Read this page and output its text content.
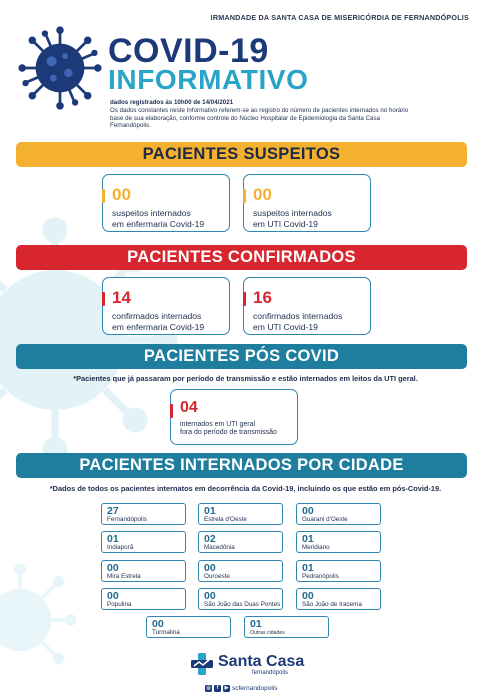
IRMANDADE DA SANTA CASA DE MISERICÓRDIA DE FERNANDÓPOLIS
COVID-19
INFORMATIVO
dados registrados às 10h00 de 14/04/2021
Os dados constantes neste Informativo referem-se ao registro do número de pacientes internados no horário base de sua elaboração, conforme controle do Núcleo Hospitalar de Epidemiologia da Santa Casa Fernandópolis.
PACIENTES SUSPEITOS
00
suspeitos internados
em enfermaria Covid-19
00
suspeitos internados
em UTI Covid-19
PACIENTES CONFIRMADOS
14
confirmados internados
em enfermaria Covid-19
16
confirmados internados
em UTI Covid-19
PACIENTES PÓS COVID
*Pacientes que já passaram por período de transmissão e estão internados em leitos da UTI geral.
04
internados em UTI geral
fora do período de transmissão
PACIENTES INTERNADOS POR CIDADE
*Dados de todos os pacientes internatos em decorrência da Covid-19, incluindo os que estão em pós-Covid-19.
27
Fernandópolis
01
Estrela d'Oeste
00
Guarani d'Oeste
01
Indiaporã
02
Macedônia
01
Meridiano
00
Mira Estrela
00
Ouroeste
01
Pedranópolis
00
Populina
00
São João das Duas Pontes
00
São João de Iracema
00
Turmalina
01
Outras cidades
Santa Casa
fernandópolis
◎	f	▶ scfernandopolis
